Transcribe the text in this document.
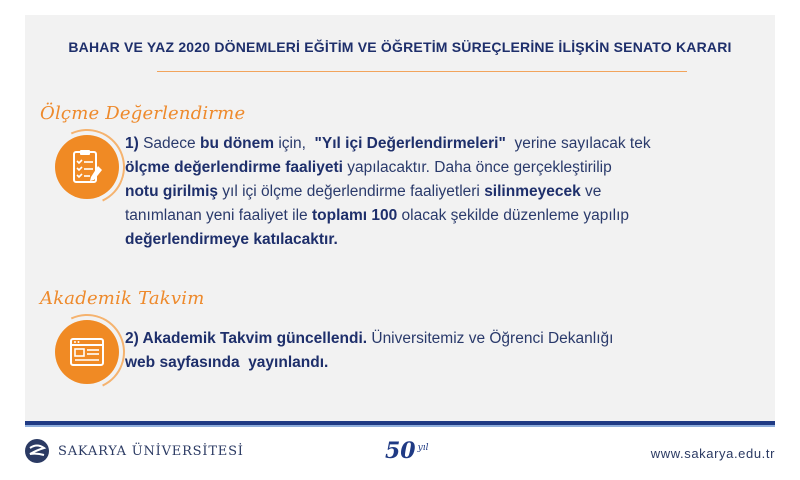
BAHAR VE YAZ 2020 DÖNEMLERİ EĞİTİM VE ÖĞRETİM SÜREÇLERİNE İLİŞKİN SENATO KARARI
Ölçme Değerlendirme
1) Sadece bu dönem için,  "Yıl içi Değerlendirmeleri"  yerine sayılacak tek
ölçme değerlendirme faaliyeti yapılacaktır. Daha önce gerçekleştirilip
notu girilmiş yıl içi ölçme değerlendirme faaliyetleri silinmeyecek ve
tanımlanan yeni faaliyet ile toplamı 100 olacak şekilde düzenleme yapılıp
değerlendirmeye katılacaktır.
Akademik Takvim
2) Akademik Takvim güncellendi. Üniversitemiz ve Öğrenci Dekanlığı
web sayfasında  yayınlandı.
SAKARYA ÜNİVERSİTESİ	50 yıl	www.sakarya.edu.tr
